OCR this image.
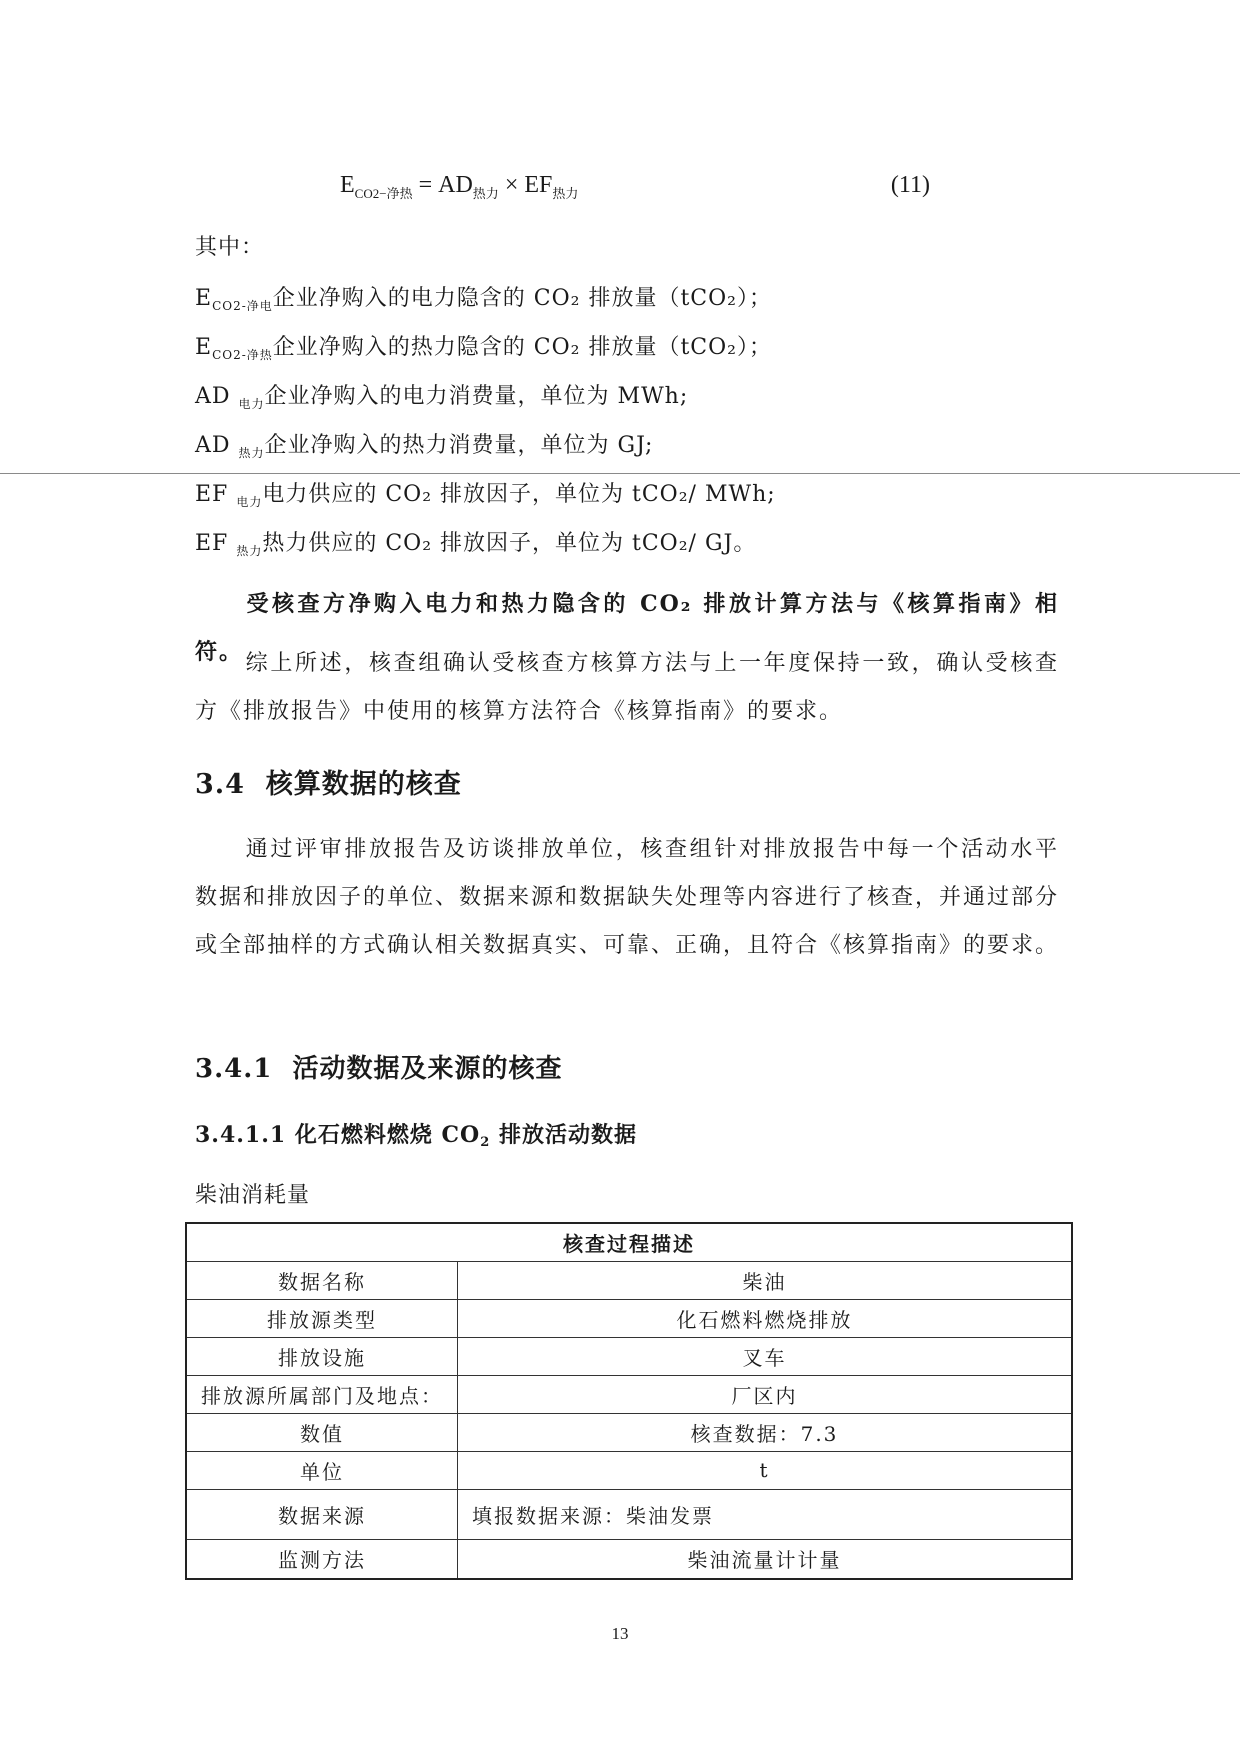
$E_{CO2-净热} = AD_{热力} \times EF_{热力}$	(11)
其中：
$E_{CO2-净电}$企业净购入的电力隐含的 CO₂ 排放量（tCO₂）；
$E_{CO2-净热}$企业净购入的热力隐含的 CO₂ 排放量（tCO₂）；
AD $_{电力}$企业净购入的电力消费量，单位为 MWh;
AD $_{热力}$企业净购入的热力消费量，单位为 GJ;
EF $_{电力}$电力供应的 CO₂ 排放因子，单位为 tCO₂/ MWh;
EF $_{热力}$热力供应的 CO₂ 排放因子，单位为 tCO₂/ GJ。
受核查方净购入电力和热力隐含的 CO₂ 排放计算方法与《核算指南》相符。 综上所述，核查组确认受核查方核算方法与上一年度保持一致，确认受核查方《排放报告》中使用的核算方法符合《核算指南》的要求。
3.4 核算数据的核查
通过评审排放报告及访谈排放单位，核查组针对排放报告中每一个活动水平数据和排放因子的单位、数据来源和数据缺失处理等内容进行了核查，并通过部分或全部抽样的方式确认相关数据真实、可靠、正确，且符合《核算指南》的要求。
3.4.1 活动数据及来源的核查
3.4.1.1 化石燃料燃烧 $CO_2$ 排放活动数据
柴油消耗量
核查过程描述	
数据名称	柴油
排放源类型	化石燃料燃烧排放
排放设施	叉车
排放源所属部门及地点：	厂区内
数值	核查数据：7.3
单位	t
数据来源	填报数据来源：柴油发票
监测方法	柴油流量计计量
13
